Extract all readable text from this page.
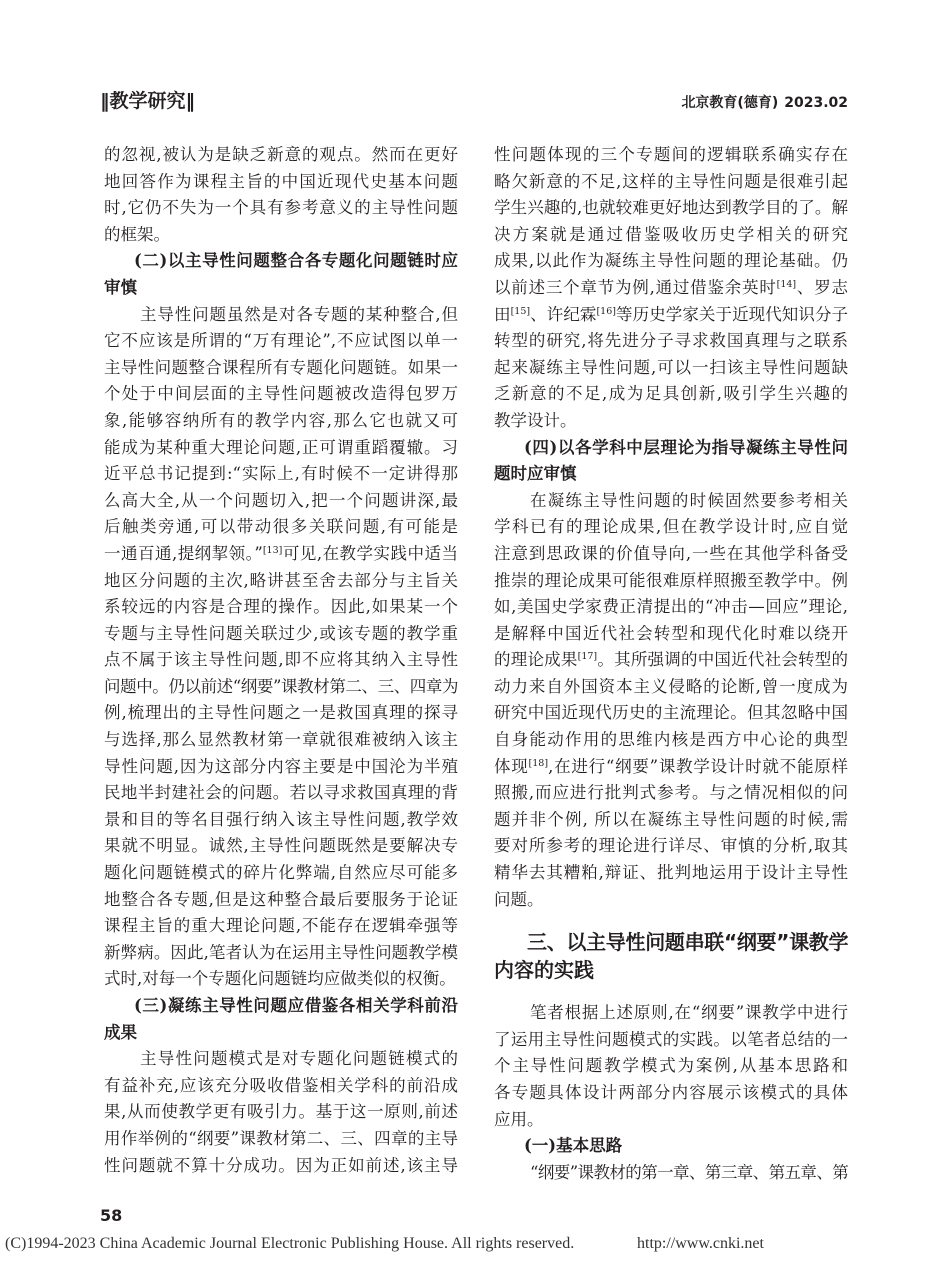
‖教学研究‖	北京教育(德育) 2023.02
的忽视,被认为是缺乏新意的观点。然而在更好
地回答作为课程主旨的中国近现代史基本问题
时,它仍不失为一个具有参考意义的主导性问题
的框架。
(二)以主导性问题整合各专题化问题链时应
审慎
主导性问题虽然是对各专题的某种整合,但
它不应该是所谓的“万有理论”,不应试图以单一
主导性问题整合课程所有专题化问题链。如果一
个处于中间层面的主导性问题被改造得包罗万
象,能够容纳所有的教学内容,那么它也就又可
能成为某种重大理论问题,正可谓重蹈覆辙。习
近平总书记提到:“实际上,有时候不一定讲得那
么高大全,从一个问题切入,把一个问题讲深,最
后触类旁通,可以带动很多关联问题,有可能是
一通百通,提纲挈领。”[13]可见,在教学实践中适当
地区分问题的主次,略讲甚至舍去部分与主旨关
系较远的内容是合理的操作。因此,如果某一个
专题与主导性问题关联过少,或该专题的教学重
点不属于该主导性问题,即不应将其纳入主导性
问题中。仍以前述“纲要”课教材第二、三、四章为
例,梳理出的主导性问题之一是救国真理的探寻
与选择,那么显然教材第一章就很难被纳入该主
导性问题,因为这部分内容主要是中国沦为半殖
民地半封建社会的问题。若以寻求救国真理的背
景和目的等名目强行纳入该主导性问题,教学效
果就不明显。诚然,主导性问题既然是要解决专
题化问题链模式的碎片化弊端,自然应尽可能多
地整合各专题,但是这种整合最后要服务于论证
课程主旨的重大理论问题,不能存在逻辑牵强等
新弊病。因此,笔者认为在运用主导性问题教学模
式时,对每一个专题化问题链均应做类似的权衡。
(三)凝练主导性问题应借鉴各相关学科前沿
成果
主导性问题模式是对专题化问题链模式的
有益补充,应该充分吸收借鉴相关学科的前沿成
果,从而使教学更有吸引力。基于这一原则,前述
用作举例的“纲要”课教材第二、三、四章的主导
性问题就不算十分成功。因为正如前述,该主导
性问题体现的三个专题间的逻辑联系确实存在
略欠新意的不足,这样的主导性问题是很难引起
学生兴趣的,也就较难更好地达到教学目的了。解
决方案就是通过借鉴吸收历史学相关的研究
成果,以此作为凝练主导性问题的理论基础。仍
以前述三个章节为例,通过借鉴余英时[14]、罗志
田[15]、许纪霖[16]等历史学家关于近现代知识分子
转型的研究,将先进分子寻求救国真理与之联系
起来凝练主导性问题,可以一扫该主导性问题缺
乏新意的不足,成为足具创新,吸引学生兴趣的
教学设计。
(四)以各学科中层理论为指导凝练主导性问
题时应审慎
在凝练主导性问题的时候固然要参考相关
学科已有的理论成果,但在教学设计时,应自觉
注意到思政课的价值导向,一些在其他学科备受
推崇的理论成果可能很难原样照搬至教学中。例
如,美国史学家费正清提出的“冲击—回应”理论,
是解释中国近代社会转型和现代化时难以绕开
的理论成果[17]。其所强调的中国近代社会转型的
动力来自外国资本主义侵略的论断,曾一度成为
研究中国近现代历史的主流理论。但其忽略中国
自身能动作用的思维内核是西方中心论的典型
体现[18],在进行“纲要”课教学设计时就不能原样
照搬,而应进行批判式参考。与之情况相似的问
题并非个例, 所以在凝练主导性问题的时候,需
要对所参考的理论进行详尽、审慎的分析,取其
精华去其糟粕,辩证、批判地运用于设计主导性
问题。
三、以主导性问题串联“纲要”课教学
内容的实践
笔者根据上述原则,在“纲要”课教学中进行
了运用主导性问题模式的实践。以笔者总结的一
个主导性问题教学模式为案例,从基本思路和
各专题具体设计两部分内容展示该模式的具体
应用。
(一)基本思路
“纲要”课教材的第一章、第三章、第五章、第
58
(C)1994-2023 China Academic Journal Electronic Publishing House. All rights reserved.	http://www.cnki.net
